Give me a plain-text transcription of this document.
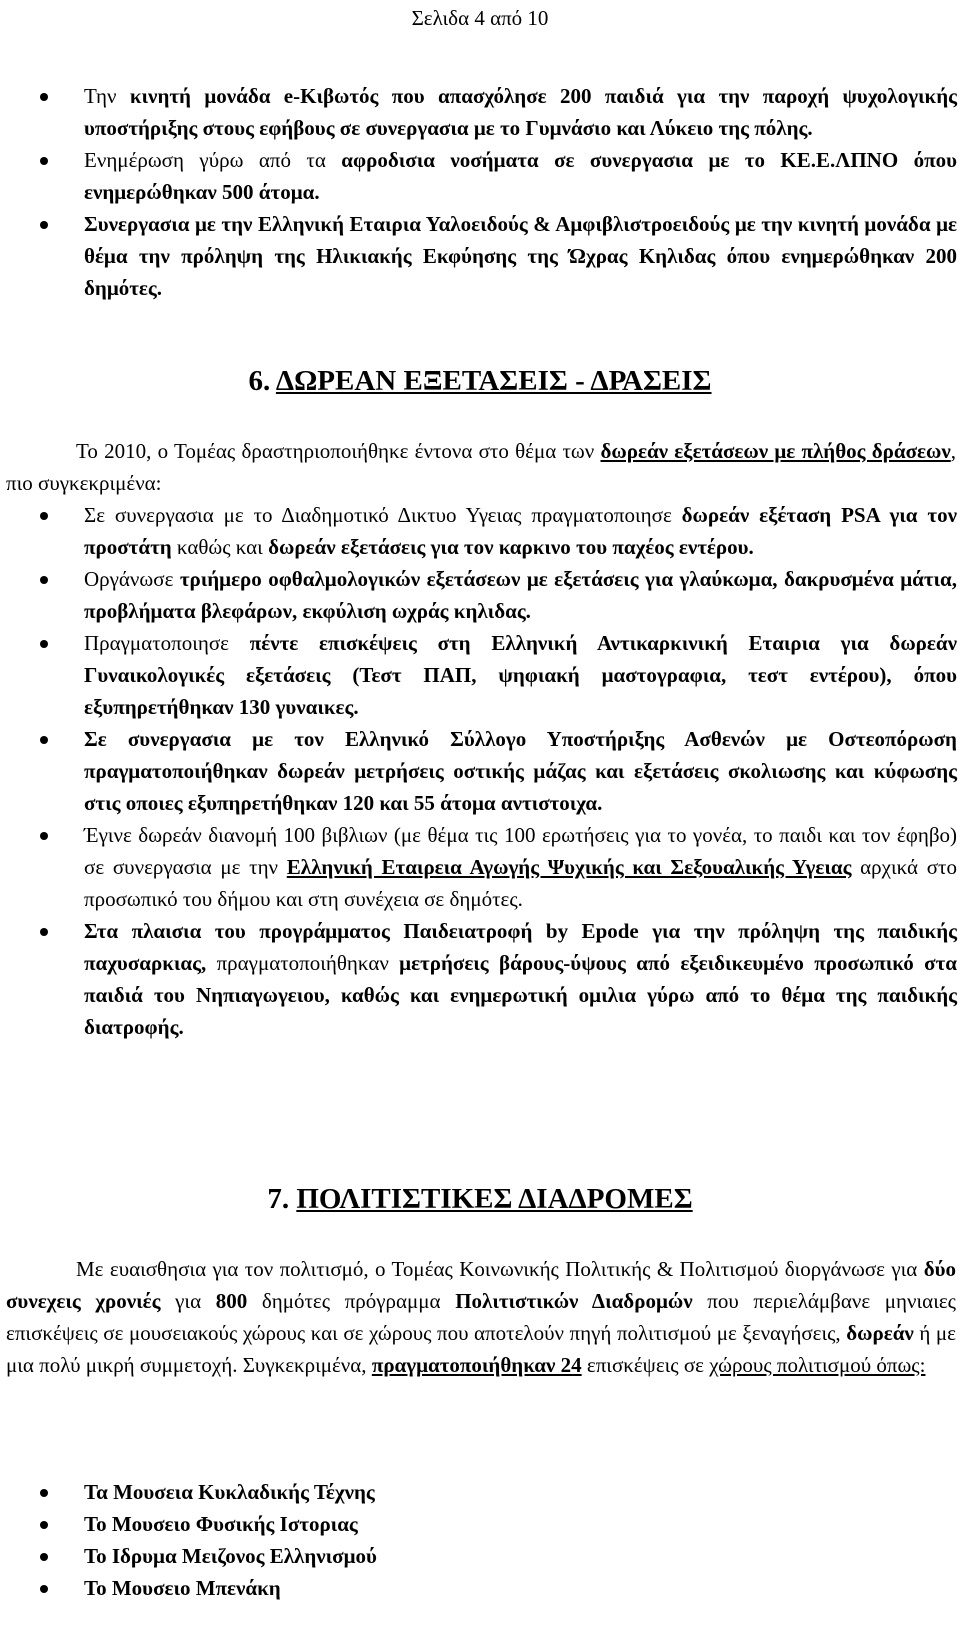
Σελιδα 4 από 10
Την κινητή μονάδα e-Κιβωτός που απασχόλησε 200 παιδιά για την παροχή ψυχολογικής υποστήριξης στους εφήβους σε συνεργασια με το Γυμνάσιο και Λύκειο της πόλης.
Ενημέρωση γύρω από τα αφροδισια νοσήματα σε συνεργασια με το ΚΕ.Ε.ΛΠΝΟ όπου ενημερώθηκαν 500 άτομα.
Συνεργασια με την Ελληνική Εταιρια Υαλοειδούς & Αμφιβλιστροειδούς με την κινητή μονάδα με θέμα την πρόληψη της Ηλικιακής Εκφύησης της Ώχρας Κηλιδας όπου ενημερώθηκαν 200 δημότες.
6. ΔΩΡΕΑΝ ΕΞΕΤΑΣΕΙΣ - ΔΡΑΣΕΙΣ

Το 2010, ο Τομέας δραστηριοποιήθηκε έντονα στο θέμα των δωρεάν εξετάσεων με πλήθος δράσεων, πιο συγκεκριμένα:

Σε συνεργασια με το Διαδημοτικό Δικτυο Υγειας πραγματοποιησε δωρεάν εξέταση PSA για τον προστάτη καθώς και δωρεάν εξετάσεις για τον καρκινο του παχέος εντέρου.
Οργάνωσε τριήμερο οφθαλμολογικών εξετάσεων με εξετάσεις για γλαύκωμα, δακρυσμένα μάτια, προβλήματα βλεφάρων, εκφύλιση ωχράς κηλιδας.
Πραγματοποιησε πέντε επισκέψεις στη Ελληνική Αντικαρκινική Εταιρια για δωρεάν Γυναικολογικές εξετάσεις (Τεστ ΠΑΠ, ψηφιακή μαστογραφια, τεστ εντέρου), όπου εξυπηρετήθηκαν 130 γυναικες.
Σε συνεργασια με τον Ελληνικό Σύλλογο Υποστήριξης Ασθενών με Οστεοπόρωση πραγματοποιήθηκαν δωρεάν μετρήσεις οστικής μάζας και εξετάσεις σκολιωσης και κύφωσης στις οποιες εξυπηρετήθηκαν 120 και 55 άτομα αντιστοιχα.
Έγινε δωρεάν διανομή 100 βιβλιων (με θέμα τις 100 ερωτήσεις για το γονέα, το παιδι και τον έφηβο) σε συνεργασια με την Ελληνική Εταιρεια Αγωγής Ψυχικής και Σεξουαλικής Υγειας αρχικά στο προσωπικό του δήμου και στη συνέχεια σε δημότες.
Στα πλαισια του προγράμματος Παιδειατροφή by Epode για την πρόληψη της παιδικής παχυσαρκιας, πραγματοποιήθηκαν μετρήσεις βάρους-ύψους από εξειδικευμένο προσωπικό στα παιδιά του Νηπιαγωγειου, καθώς και ενημερωτική ομιλια γύρω από το θέμα της παιδικής διατροφής.
7. ΠΟΛΙΤΙΣΤΙΚΕΣ ΔΙΑΔΡΟΜΕΣ

Με ευαισθησια για τον πολιτισμό, ο Τομέας Κοινωνικής Πολιτικής & Πολιτισμού διοργάνωσε για δύο συνεχεις χρονιές για 800 δημότες πρόγραμμα Πολιτιστικών Διαδρομών που περιελάμβανε μηνιαιες επισκέψεις σε μουσειακούς χώρους και σε χώρους που αποτελούν πηγή πολιτισμού με ξεναγήσεις, δωρεάν ή με μια πολύ μικρή συμμετοχή. Συγκεκριμένα, πραγματοποιήθηκαν 24 επισκέψεις σε χώρους πολιτισμού όπως:

Τα Μουσεια Κυκλαδικής Τέχνης
Το Μουσειο Φυσικής Ιστοριας
Το Ιδρυμα Μειζονος Ελληνισμού
Το Μουσειο Μπενάκη
